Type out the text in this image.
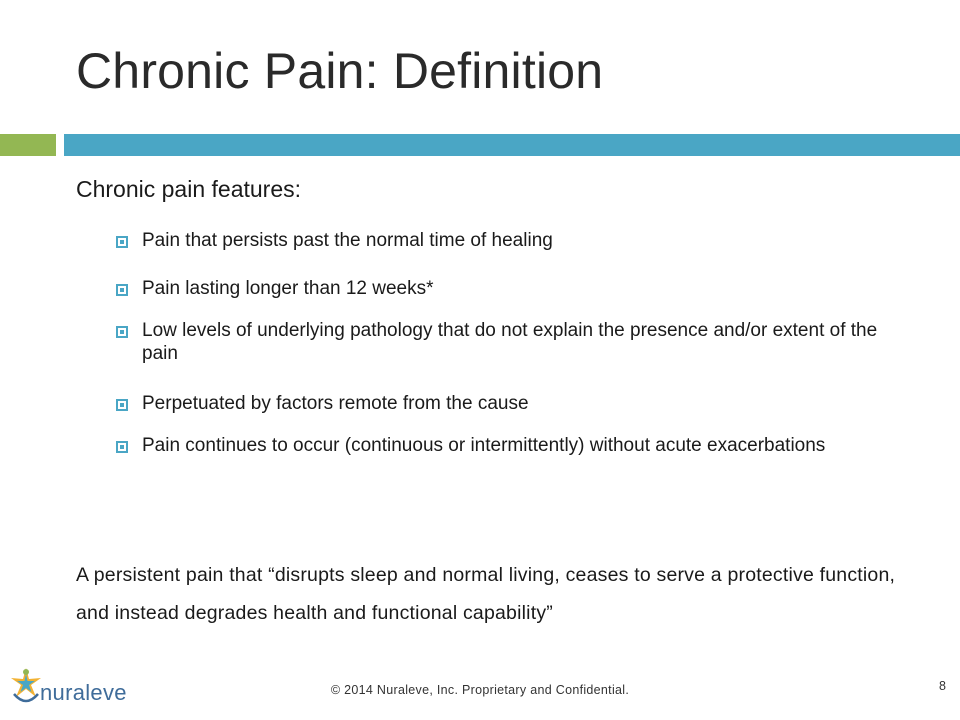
Chronic Pain: Definition
Chronic pain features:
Pain that persists past the normal time of healing
Pain lasting longer than 12 weeks*
Low levels of underlying pathology that do not explain the presence and/or extent of the pain
Perpetuated by factors remote from the cause
Pain continues to occur (continuous or intermittently) without acute exacerbations

A persistent pain that “disrupts sleep and normal living, ceases to serve a protective function, and instead degrades health and functional capability”

nuraleve	© 2014 Nuraleve, Inc. Proprietary and Confidential.	8
